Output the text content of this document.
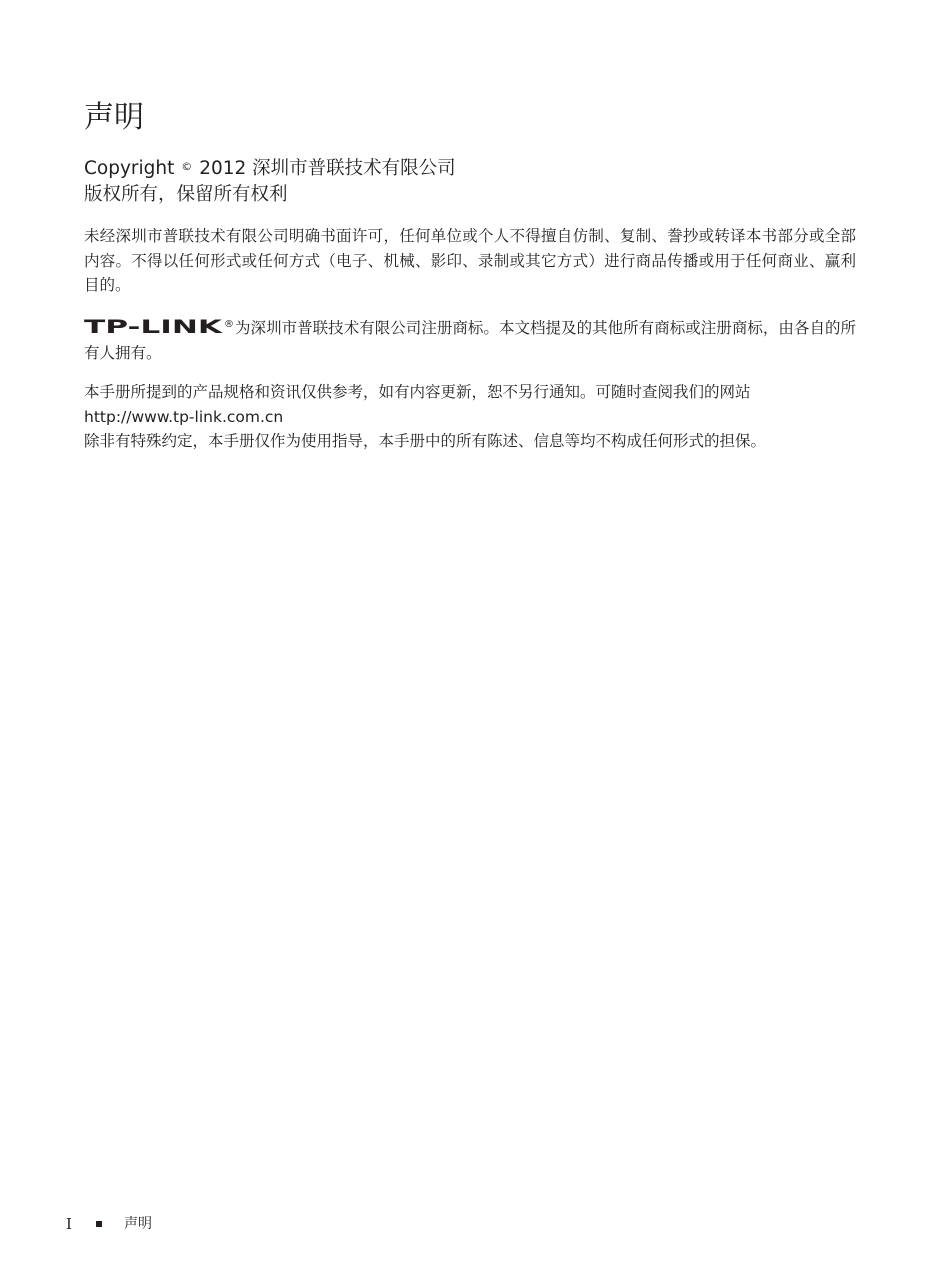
声明
Copyright © 2012 深圳市普联技术有限公司
版权所有，保留所有权利

未经深圳市普联技术有限公司明确书面许可，任何单位或个人不得擅自仿制、复制、誊抄或转译本书部分或全部内容。不得以任何形式或任何方式（电子、机械、影印、录制或其它方式）进行商品传播或用于任何商业、赢利目的。

TP-LINK ®为深圳市普联技术有限公司注册商标。本文档提及的其他所有商标或注册商标，由各自的所有人拥有。

本手册所提到的产品规格和资讯仅供参考，如有内容更新，恕不另行通知。可随时查阅我们的网站
http://www.tp-link.com.cn
除非有特殊约定，本手册仅作为使用指导，本手册中的所有陈述、信息等均不构成任何形式的担保。

I	声明
